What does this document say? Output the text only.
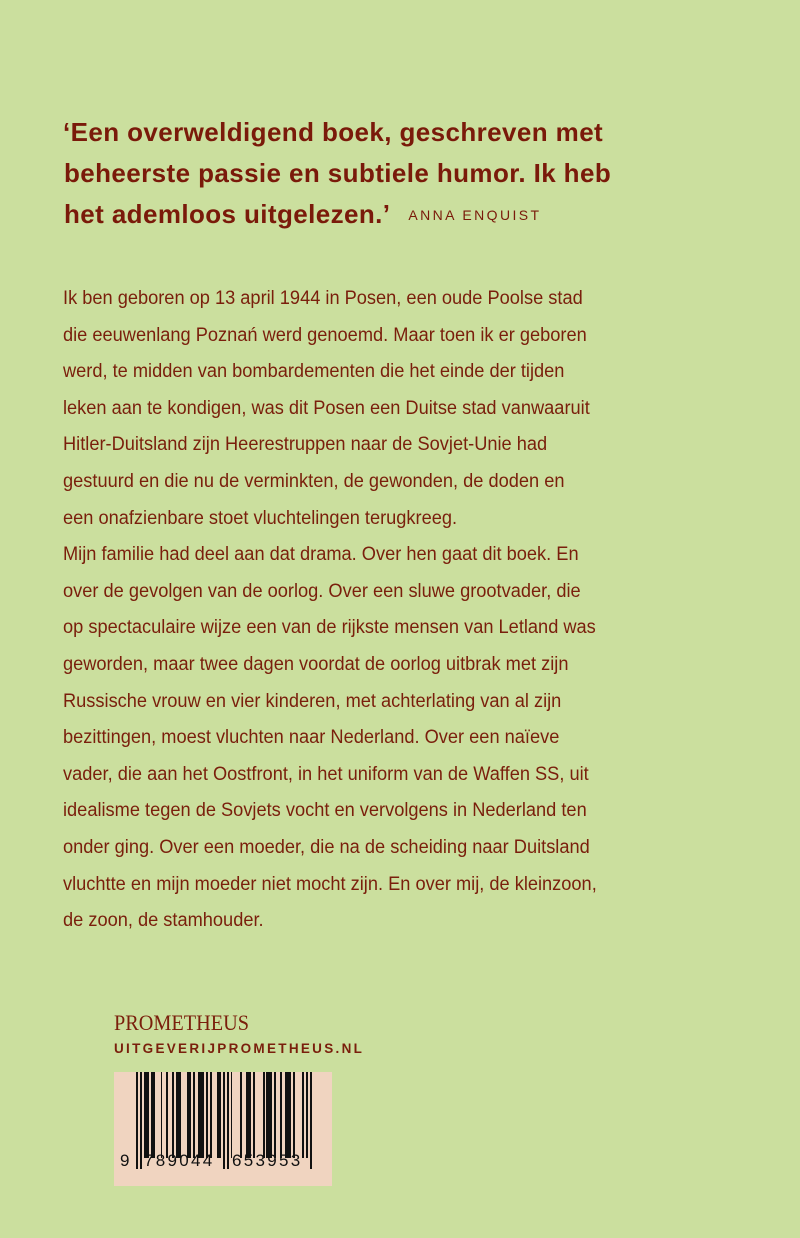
‘Een overweldigend boek, geschreven met
beheerste passie en subtiele humor. Ik heb
het ademloos uitgelezen.’ ANNA ENQUIST
Ik ben geboren op 13 april 1944 in Posen, een oude Poolse stad
die eeuwenlang Poznań werd genoemd. Maar toen ik er geboren
werd, te midden van bombardementen die het einde der tijden
leken aan te kondigen, was dit Posen een Duitse stad vanwaaruit
Hitler-Duitsland zijn Heerestruppen naar de Sovjet-Unie had
gestuurd en die nu de verminkten, de gewonden, de doden en
een onafzienbare stoet vluchtelingen terugkreeg.
Mijn familie had deel aan dat drama. Over hen gaat dit boek. En
over de gevolgen van de oorlog. Over een sluwe grootvader, die
op spectaculaire wijze een van de rijkste mensen van Letland was
geworden, maar twee dagen voordat de oorlog uitbrak met zijn
Russische vrouw en vier kinderen, met achterlating van al zijn
bezittingen, moest vluchten naar Nederland. Over een naïeve
vader, die aan het Oostfront, in het uniform van de Waffen SS, uit
idealisme tegen de Sovjets vocht en vervolgens in Nederland ten
onder ging. Over een moeder, die na de scheiding naar Duitsland
vluchtte en mijn moeder niet mocht zijn. En over mij, de kleinzoon,
de zoon, de stamhouder.
PROMETHEUS
UITGEVERIJPROMETHEUS.NL
9 789044 653953
